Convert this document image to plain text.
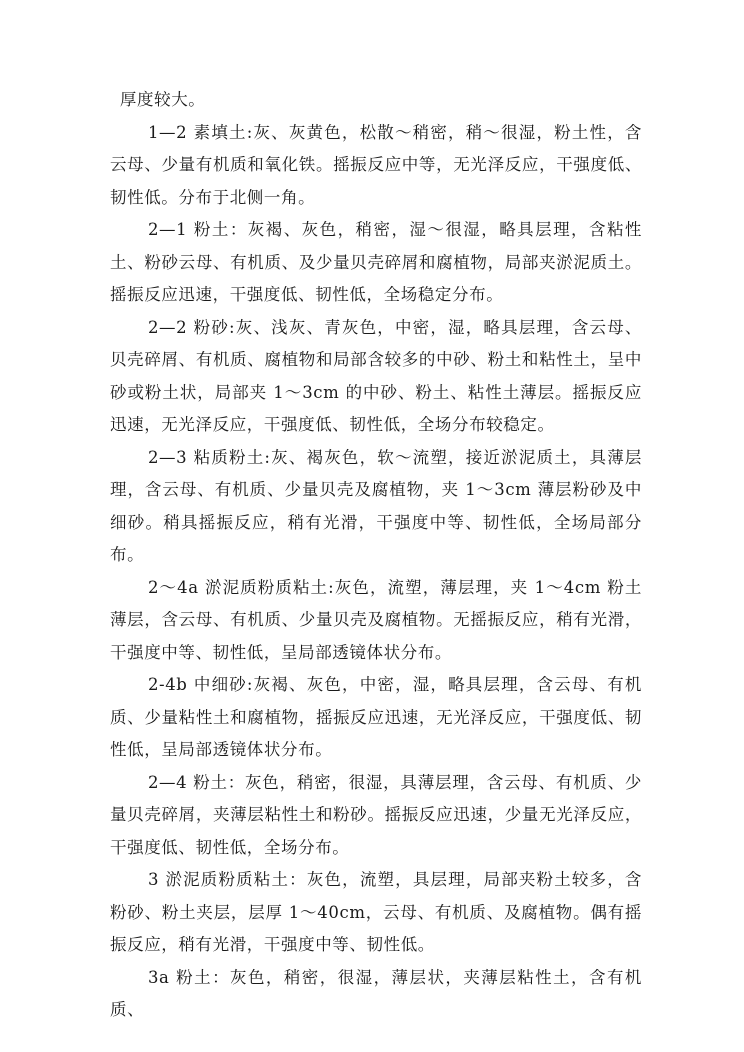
厚度较大。

1—2 素填土:灰、灰黄色，松散～稍密，稍～很湿，粉土性，含云母、少量有机质和氧化铁。摇振反应中等，无光泽反应，干强度低、韧性低。分布于北侧一角。

2—1 粉土：灰褐、灰色，稍密，湿～很湿，略具层理，含粘性土、粉砂云母、有机质、及少量贝壳碎屑和腐植物，局部夹淤泥质土。摇振反应迅速，干强度低、韧性低，全场稳定分布。

2—2 粉砂:灰、浅灰、青灰色，中密，湿，略具层理，含云母、贝壳碎屑、有机质、腐植物和局部含较多的中砂、粉土和粘性土，呈中砂或粉土状，局部夹 1～3cm 的中砂、粉土、粘性土薄层。摇振反应迅速，无光泽反应，干强度低、韧性低，全场分布较稳定。

2—3 粘质粉土:灰、褐灰色，软～流塑，接近淤泥质土，具薄层理，含云母、有机质、少量贝壳及腐植物，夹 1～3cm 薄层粉砂及中细砂。稍具摇振反应，稍有光滑，干强度中等、韧性低，全场局部分布。

2～4a 淤泥质粉质粘土:灰色，流塑，薄层理，夹 1～4cm 粉土薄层，含云母、有机质、少量贝壳及腐植物。无摇振反应，稍有光滑，干强度中等、韧性低，呈局部透镜体状分布。

2-4b 中细砂:灰褐、灰色，中密，湿，略具层理，含云母、有机质、少量粘性土和腐植物，摇振反应迅速，无光泽反应，干强度低、韧性低，呈局部透镜体状分布。

2—4 粉土：灰色，稍密，很湿，具薄层理，含云母、有机质、少量贝壳碎屑，夹薄层粘性土和粉砂。摇振反应迅速，少量无光泽反应，干强度低、韧性低，全场分布。

3 淤泥质粉质粘土：灰色，流塑，具层理，局部夹粉土较多，含粉砂、粉土夹层，层厚 1～40cm，云母、有机质、及腐植物。偶有摇振反应，稍有光滑，干强度中等、韧性低。

3a 粉土：灰色，稍密，很湿，薄层状，夹薄层粘性土，含有机质、
